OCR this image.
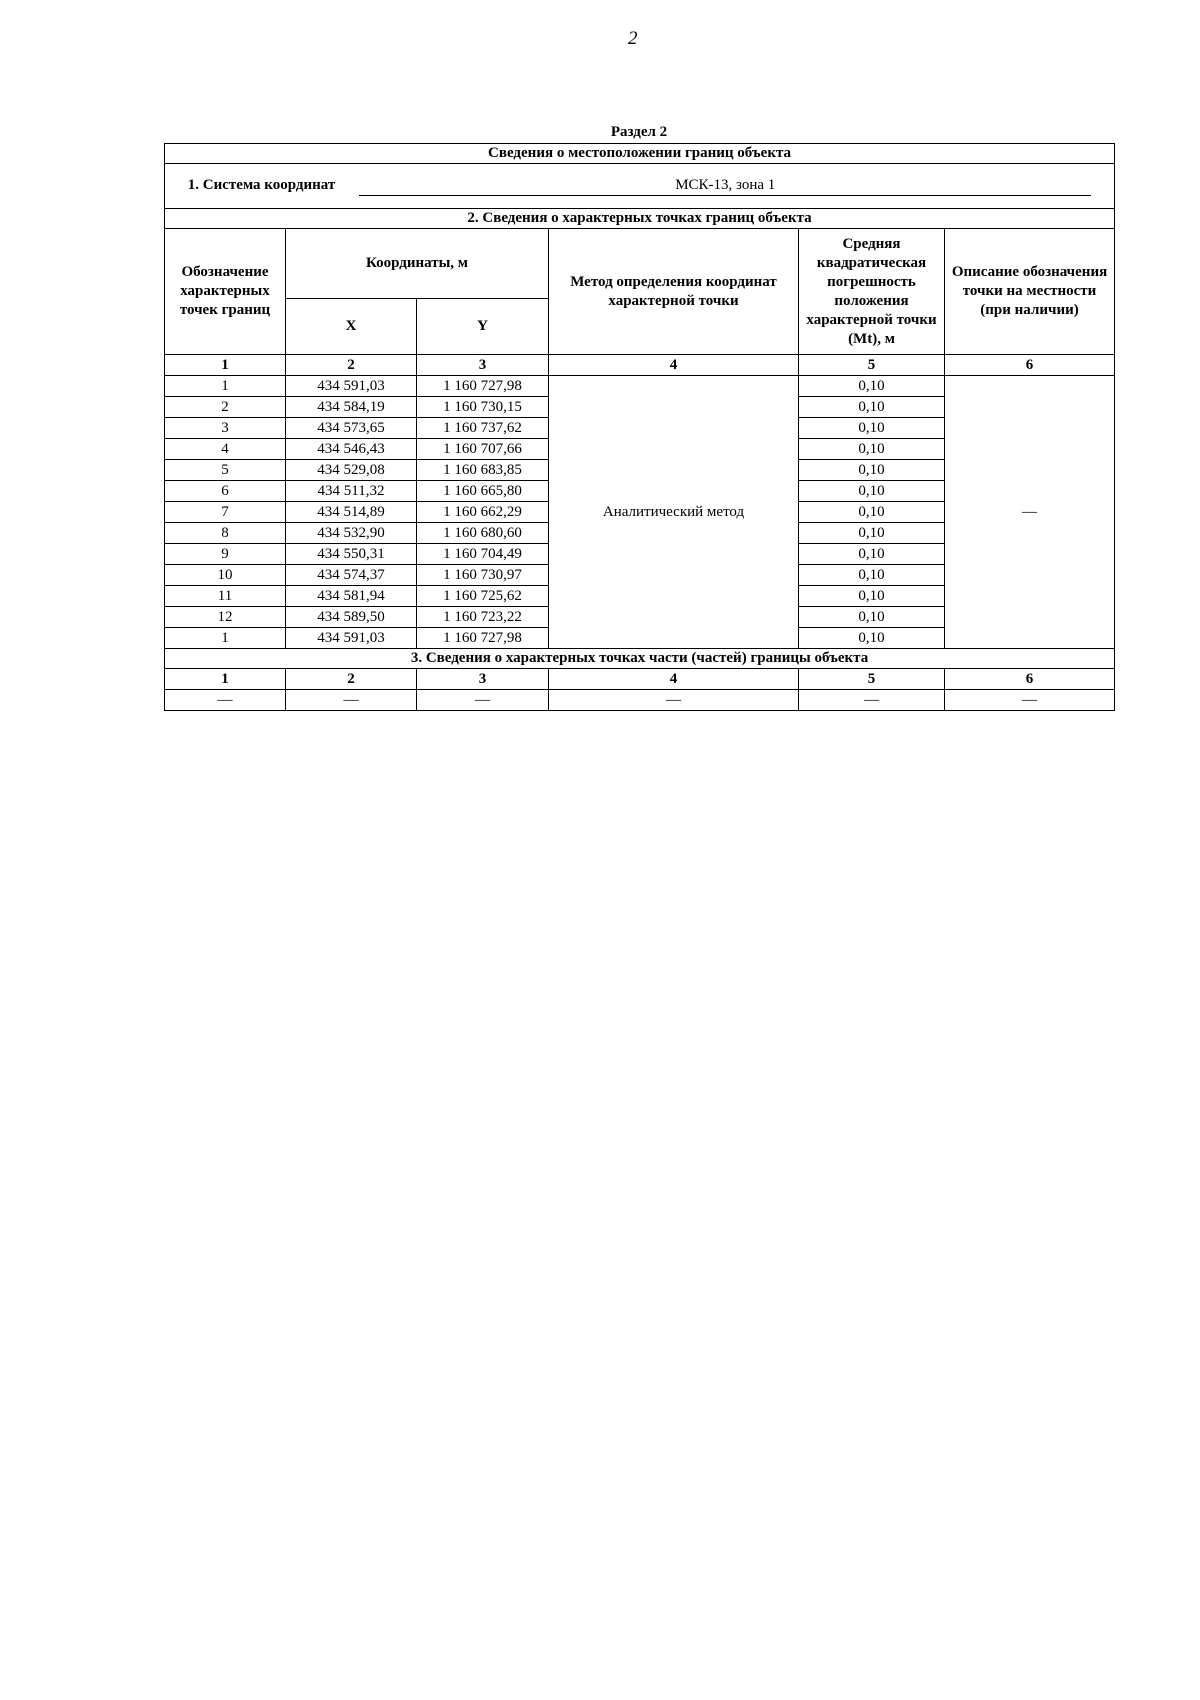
2
Раздел 2
Сведения о местоположении границ объекта					
1. Система координат МСК-13, зона 1					
2. Сведения о характерных точках границ объекта					
Обозначение характерных точек границ	Координаты, м		Метод определения координат характерной точки	Средняя квадратическая погрешность положения характерной точки (Mt), м	Описание обозначения точки на местности (при наличии)
	X	Y			
1	2	3	4	5	6
1	434 591,03	1 160 727,98	Аналитический метод	0,10	—
2	434 584,19	1 160 730,15		0,10	
3	434 573,65	1 160 737,62		0,10	
4	434 546,43	1 160 707,66		0,10	
5	434 529,08	1 160 683,85		0,10	
6	434 511,32	1 160 665,80		0,10	
7	434 514,89	1 160 662,29		0,10	
8	434 532,90	1 160 680,60		0,10	
9	434 550,31	1 160 704,49		0,10	
10	434 574,37	1 160 730,97		0,10	
11	434 581,94	1 160 725,62		0,10	
12	434 589,50	1 160 723,22		0,10	
1	434 591,03	1 160 727,98		0,10	
3. Сведения о характерных точках части (частей) границы объекта					
1	2	3	4	5	6
—	—	—	—	—	—
